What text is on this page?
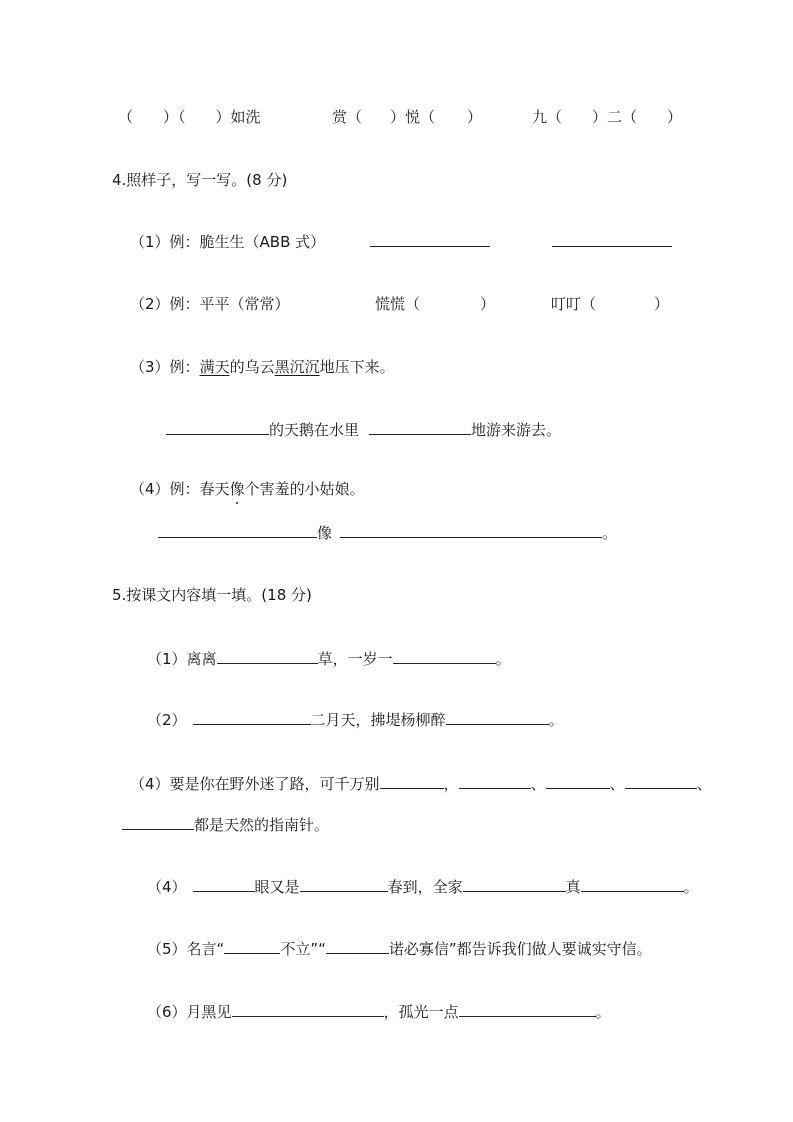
（ ）（ ）如洗	赏（ ）悦（ ）	九（ ）二（ ）
4.照样子，写一写。(8 分)
（1）例：脆生生（ABB 式）

（2）例：平平（常常）	慌慌（	）	叮叮（	）
（3）例：满天的乌云黑沉沉地压下来。
的天鹅在水里	地游来游去。
（4）例：春天像个害羞的小姑娘。
像	。
5.按课文内容填一填。(18 分)
（1）离离	草，一岁一	。
（2）	二月天，拂堤杨柳醉	。
（4）要是你在野外迷了路，可千万别	，	、	、	、
都是天然的指南针。
（4）	眼又是	春到，全家	真	。
（5）名言“	不立”“	诺必寡信”都告诉我们做人要诚实守信。
（6）月黑见	，孤光一点	。
